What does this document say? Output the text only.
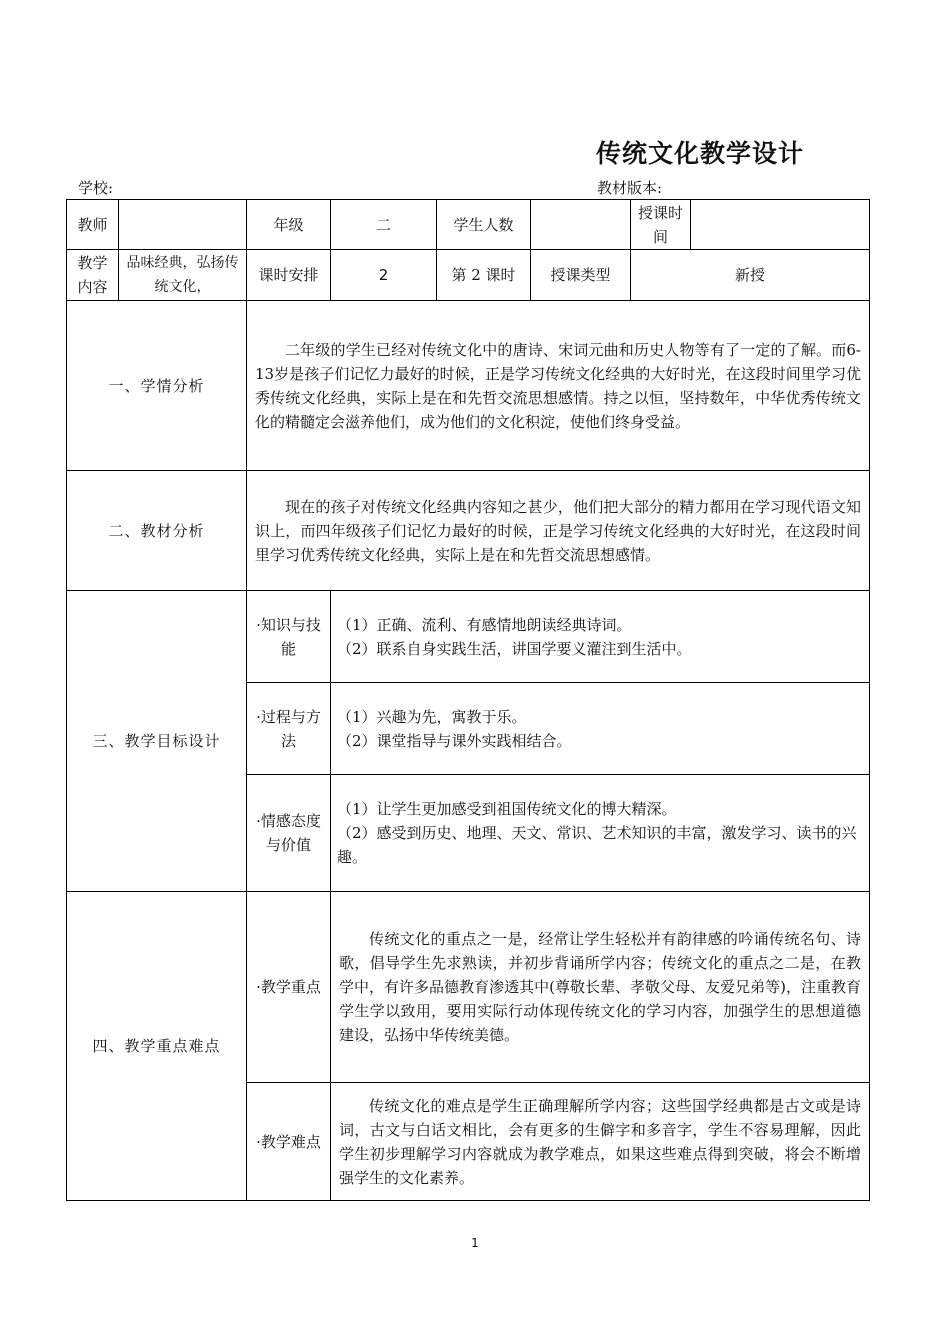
传统文化教学设计
学校:	教材版本:
教师		年级	二	学生人数		授课时间	
教学内容	品味经典，弘扬传统文化，	课时安排	2	第 2 课时	授课类型	新授	
一、学情分析		二年级的学生已经对传统文化中的唐诗、宋词元曲和历史人物等有了一定的了解。而6-13岁是孩子们记忆力最好的时候，正是学习传统文化经典的大好时光，在这段时间里学习优秀传统文化经典，实际上是在和先哲交流思想感情。持之以恒，坚持数年，中华优秀传统文化的精髓定会滋养他们，成为他们的文化积淀，使他们终身受益。					
二、教材分析		现在的孩子对传统文化经典内容知之甚少，他们把大部分的精力都用在学习现代语文知识上，而四年级孩子们记忆力最好的时候，正是学习传统文化经典的大好时光，在这段时间里学习优秀传统文化经典，实际上是在和先哲交流思想感情。					
三、教学目标设计		·知识与技能	（1）正确、流利、有感情地朗读经典诗词。
（2）联系自身实践生活，讲国学要义灌注到生活中。				

		·过程与方法	（1）兴趣为先，寓教于乐。
（2）课堂指导与课外实践相结合。				

		·情感态度与价值	（1）让学生更加感受到祖国传统文化的博大精深。
（2）感受到历史、地理、天文、常识、艺术知识的丰富，激发学习、读书的兴趣。				

四、教学重点难点		·教学重点	传统文化的重点之一是，经常让学生轻松并有韵律感的吟诵传统名句、诗歌，倡导学生先求熟读，并初步背诵所学内容；传统文化的重点之二是，在教学中，有许多品德教育渗透其中(尊敬长辈、孝敬父母、友爱兄弟等)，注重教育学生学以致用，要用实际行动体现传统文化的学习内容，加强学生的思想道德建设，弘扬中华传统美德。				
		·教学难点	传统文化的难点是学生正确理解所学内容；这些国学经典都是古文或是诗词，古文与白话文相比，会有更多的生僻字和多音字，学生不容易理解，因此学生初步理解学习内容就成为教学难点，如果这些难点得到突破，将会不断增强学生的文化素养。				
1
